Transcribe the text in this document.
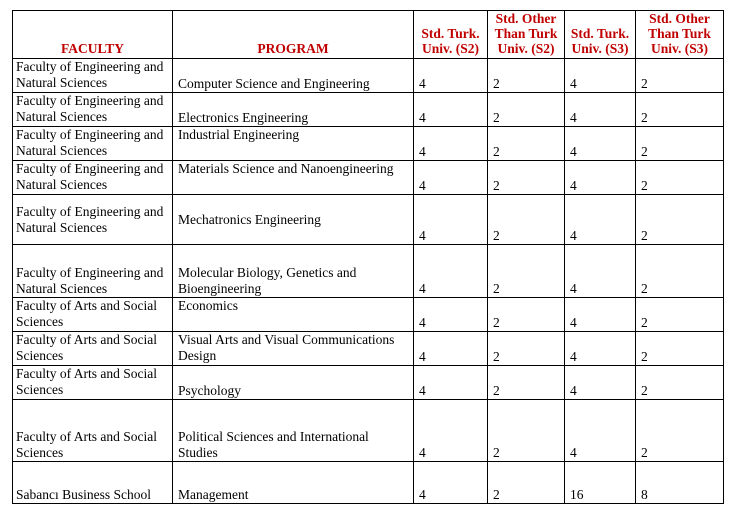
FACULTY	PROGRAM	Std. Turk. Univ. (S2)	Std. Other Than Turk Univ. (S2)	Std. Turk. Univ. (S3)	Std. Other Than Turk Univ. (S3)
Faculty of Engineering and Natural Sciences	Computer Science and Engineering	4	2	4	2
Faculty of Engineering and Natural Sciences	Electronics Engineering	4	2	4	2
Faculty of Engineering and Natural Sciences	Industrial Engineering	4	2	4	2
Faculty of Engineering and Natural Sciences	Materials Science and Nanoengineering	4	2	4	2
Faculty of Engineering and Natural Sciences	Mechatronics Engineering	4	2	4	2
Faculty of Engineering and Natural Sciences	Molecular Biology, Genetics and Bioengineering	4	2	4	2
Faculty of Arts and Social Sciences	Economics	4	2	4	2
Faculty of Arts and Social Sciences	Visual Arts and Visual Communications Design	4	2	4	2
Faculty of Arts and Social Sciences	Psychology	4	2	4	2
Faculty of Arts and Social Sciences	Political Sciences and International Studies	4	2	4	2
Sabancı Business School	Management	4	2	16	8
